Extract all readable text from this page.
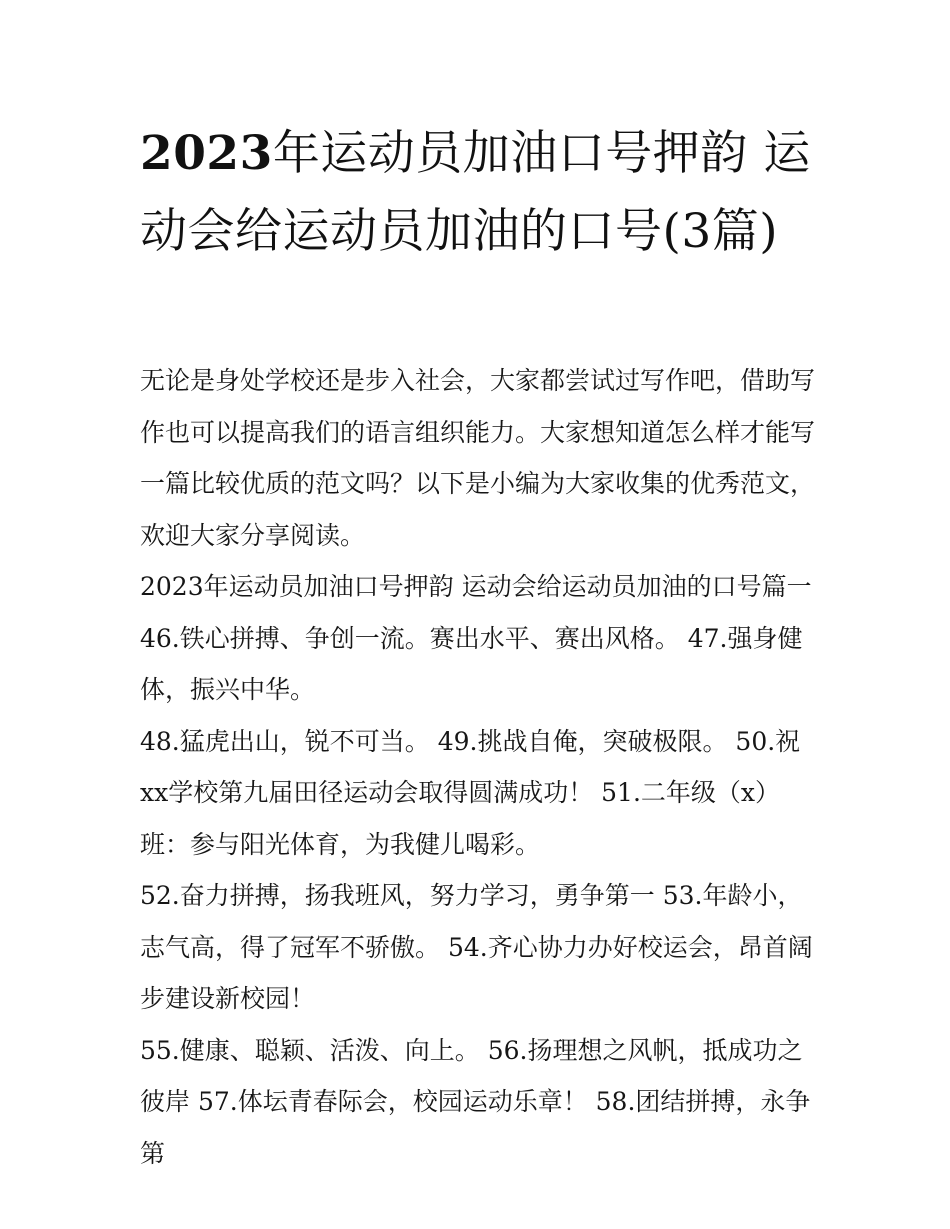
2023年运动员加油口号押韵 运动会给运动员加油的口号(3篇)

无论是身处学校还是步入社会，大家都尝试过写作吧，借助写作也可以提高我们的语言组织能力。大家想知道怎么样才能写一篇比较优质的范文吗？以下是小编为大家收集的优秀范文，欢迎大家分享阅读。

2023年运动员加油口号押韵 运动会给运动员加油的口号篇一

46.铁心拼搏、争创一流。赛出水平、赛出风格。 47.强身健体，振兴中华。

48.猛虎出山，锐不可当。 49.挑战自俺，突破极限。 50.祝xx学校第九届田径运动会取得圆满成功！ 51.二年级（x）班：参与阳光体育，为我健儿喝彩。

52.奋力拼搏，扬我班风，努力学习，勇争第一 53.年龄小，志气高，得了冠军不骄傲。 54.齐心协力办好校运会，昂首阔步建设新校园！

55.健康、聪颖、活泼、向上。 56.扬理想之风帆，抵成功之彼岸 57.体坛青春际会，校园运动乐章！ 58.团结拼搏，永争第
